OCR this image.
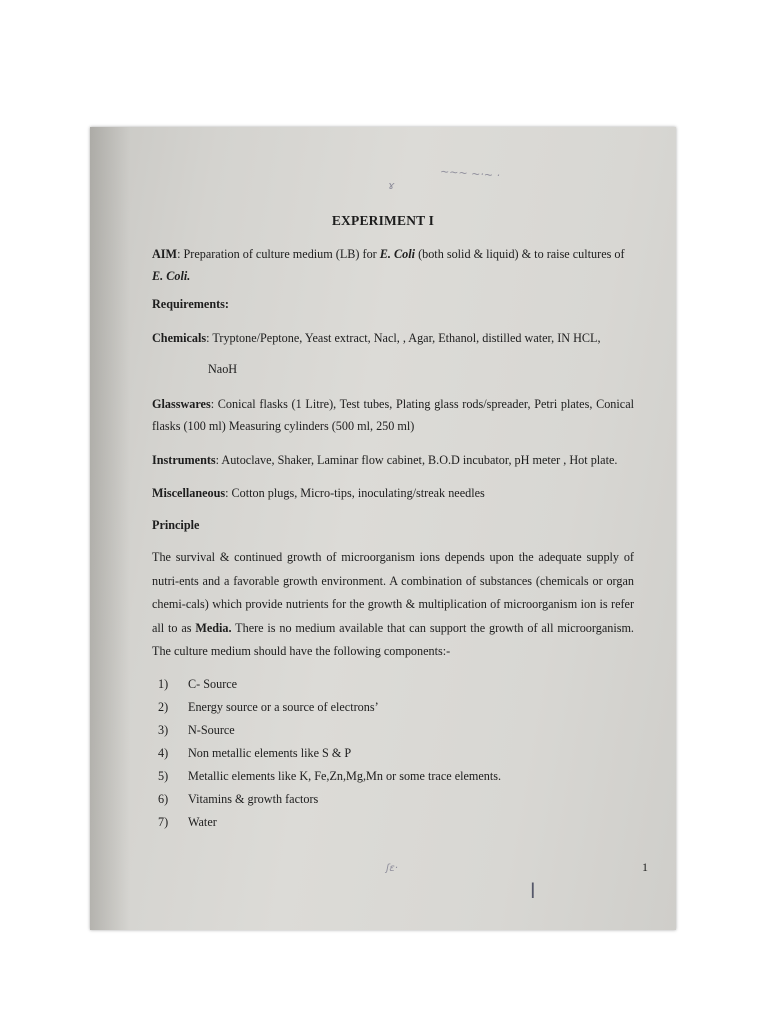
~~~ ~·~ ·
ɤ
EXPERIMENT I
AIM: Preparation of culture medium (LB) for E. Coli (both solid & liquid) & to raise cultures of E. Coli.
Requirements:
Chemicals: Tryptone/Peptone, Yeast extract, Nacl, , Agar, Ethanol, distilled water, IN HCL,
NaoH
Glasswares: Conical flasks (1 Litre), Test tubes, Plating glass rods/spreader, Petri plates, Conical flasks (100 ml) Measuring cylinders (500 ml, 250 ml)
Instruments: Autoclave, Shaker, Laminar flow cabinet, B.O.D incubator, pH meter , Hot plate.
Miscellaneous: Cotton plugs, Micro-tips, inoculating/streak needles
Principle
The survival & continued growth of microorganism ions depends upon the adequate supply of nutri-ents and a favorable growth environment. A combination of substances (chemicals or organ chemi-cals) which provide nutrients for the growth & multiplication of microorganism ion is refer all to as Media. There is no medium available that can support the growth of all microorganism. The culture medium should have the following components:-
1) C- Source
2) Energy source or a source of electrons’
3) N-Source
4) Non metallic elements like S & P
5) Metallic elements like K, Fe,Zn,Mg,Mn or some trace elements.
6) Vitamins & growth factors
7) Water
ʃɛ·
l
1
